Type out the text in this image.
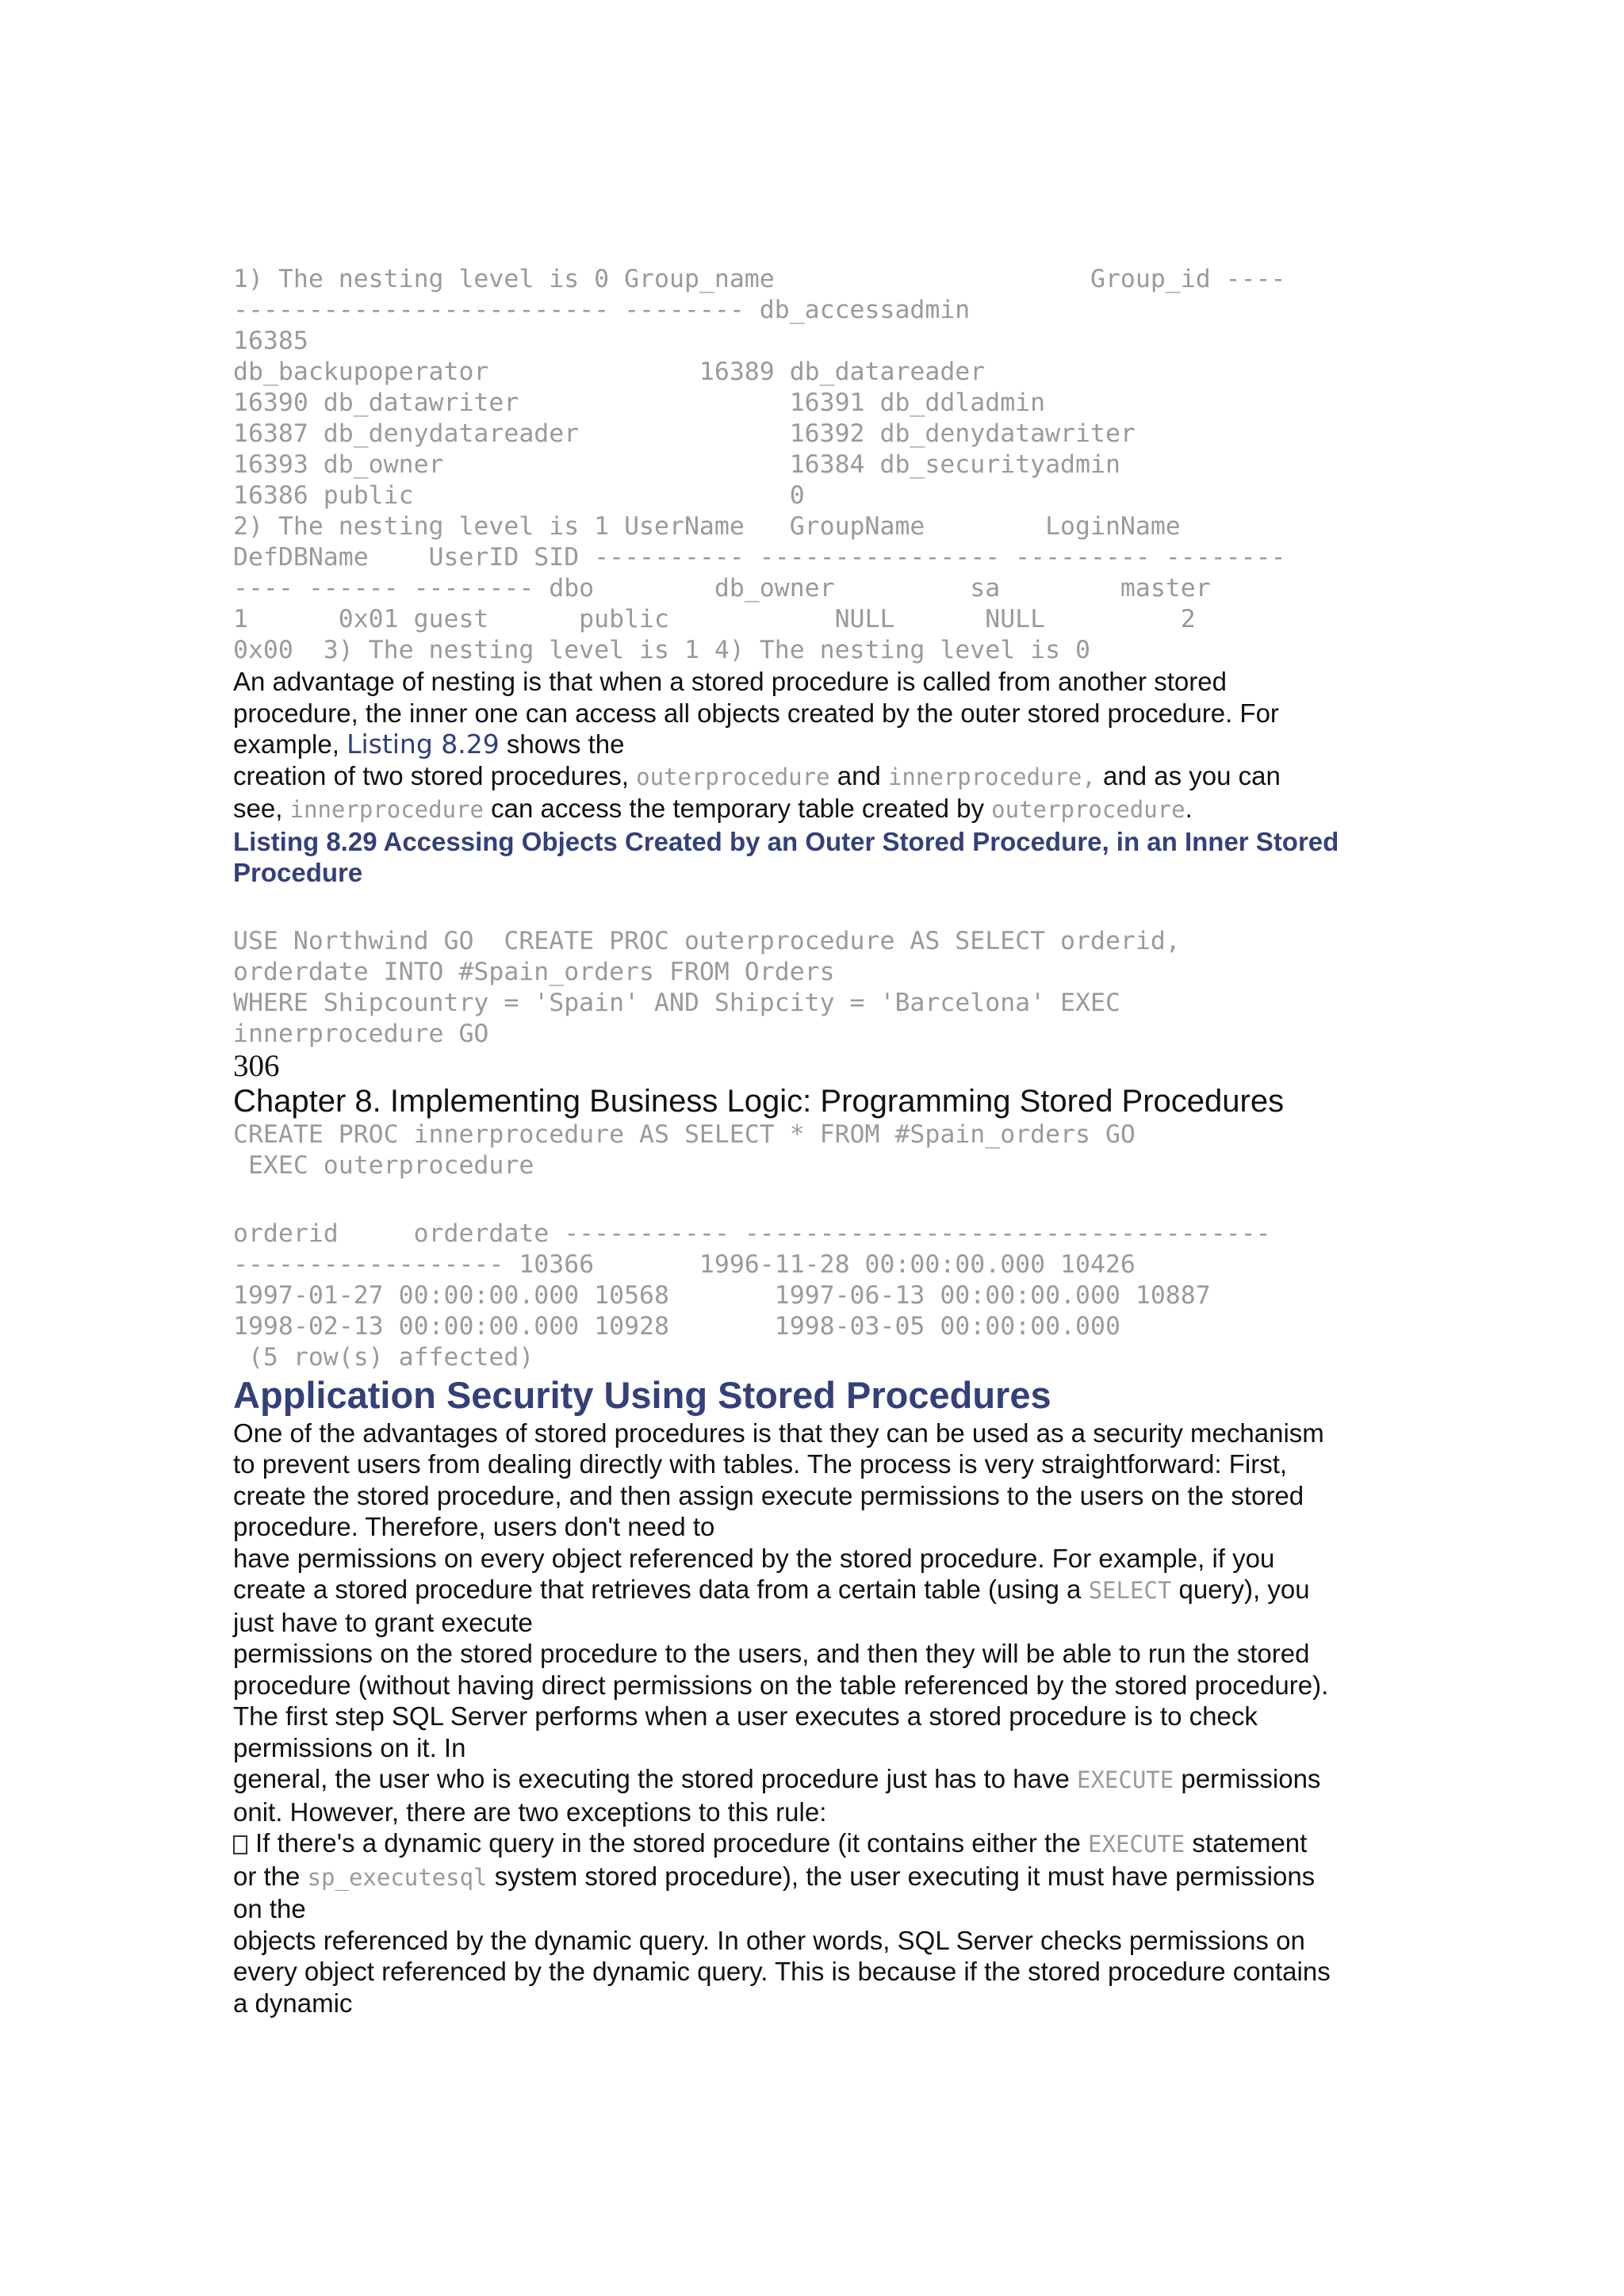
1) The nesting level is 0 Group_name                     Group_id ----
------------------------- -------- db_accessadmin
16385
db_backupoperator              16389 db_datareader
16390 db_datawriter                  16391 db_ddladmin
16387 db_denydatareader              16392 db_denydatawriter
16393 db_owner                       16384 db_securityadmin
16386 public                         0
2) The nesting level is 1 UserName   GroupName        LoginName
DefDBName    UserID SID ---------- ---------------- --------- --------
---- ------ -------- dbo        db_owner         sa        master
1      0x01 guest      public           NULL      NULL         2
0x00  3) The nesting level is 1 4) The nesting level is 0

An advantage of nesting is that when a stored procedure is called from another stored
procedure, the inner one can access all objects created by the outer stored procedure. For
example, Listing 8.29 shows the
creation of two stored procedures, outerprocedure and innerprocedure, and as you can
see, innerprocedure can access the temporary table created by outerprocedure.

Listing 8.29 Accessing Objects Created by an Outer Stored Procedure, in an Inner Stored
Procedure

USE Northwind GO  CREATE PROC outerprocedure AS SELECT orderid,
orderdate INTO #Spain_orders FROM Orders
WHERE Shipcountry = 'Spain' AND Shipcity = 'Barcelona' EXEC
innerprocedure GO

306

Chapter 8. Implementing Business Logic: Programming Stored Procedures

CREATE PROC innerprocedure AS SELECT * FROM #Spain_orders GO
EXEC outerprocedure
orderid     orderdate ----------- -----------------------------------
------------------ 10366       1996-11-28 00:00:00.000 10426
1997-01-27 00:00:00.000 10568       1997-06-13 00:00:00.000 10887
1998-02-13 00:00:00.000 10928       1998-03-05 00:00:00.000
(5 row(s) affected)
Application Security Using Stored Procedures

One of the advantages of stored procedures is that they can be used as a security mechanism
to prevent users from dealing directly with tables. The process is very straightforward: First,
create the stored procedure, and then assign execute permissions to the users on the stored
procedure. Therefore, users don't need to
have permissions on every object referenced by the stored procedure. For example, if you
create a stored procedure that retrieves data from a certain table (using a SELECT query), you
just have to grant execute
permissions on the stored procedure to the users, and then they will be able to run the stored
procedure (without having direct permissions on the table referenced by the stored procedure).
The first step SQL Server performs when a user executes a stored procedure is to check
permissions on it. In
general, the user who is executing the stored procedure just has to have EXECUTE permissions
onit. However, there are two exceptions to this rule:

If there's a dynamic query in the stored procedure (it contains either the EXECUTE statement
or the sp_executesql system stored procedure), the user executing it must have permissions
on the
objects referenced by the dynamic query. In other words, SQL Server checks permissions on
every object referenced by the dynamic query. This is because if the stored procedure contains
a dynamic
